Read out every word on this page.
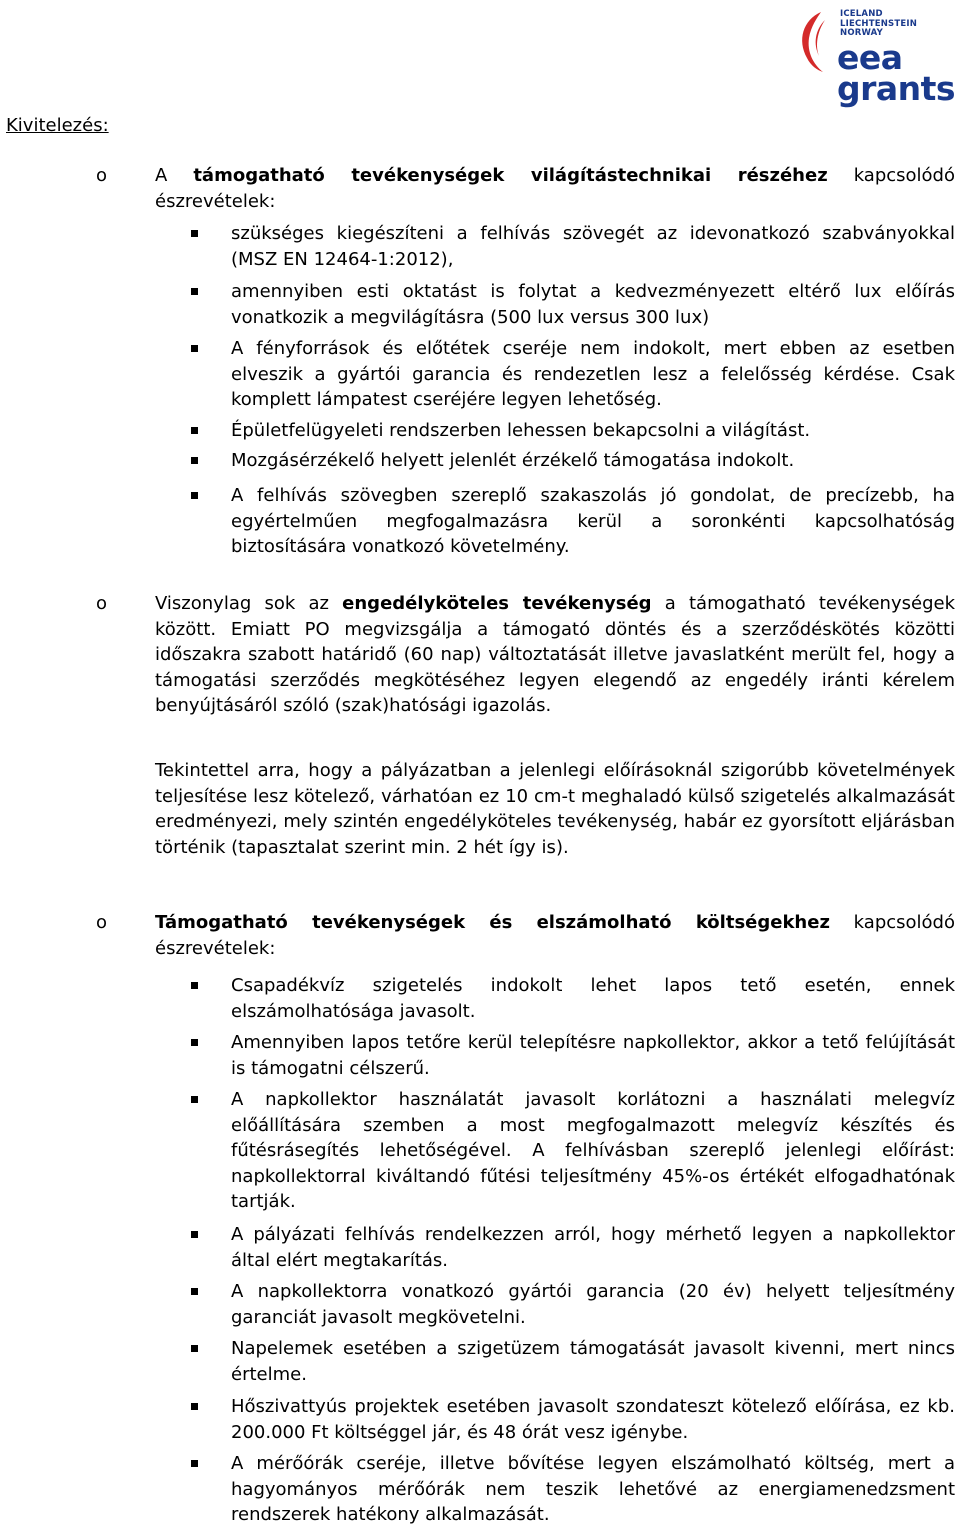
ICELAND
LIECHTENSTEIN
NORWAY
eea
grants
Kivitelezés:
o	A támogatható tevékenységek világítástechnikai részéhez kapcsolódó észrevételek:
szükséges kiegészíteni a felhívás szövegét az idevonatkozó szabványokkal (MSZ EN 12464-1:2012),
amennyiben esti oktatást is folytat a kedvezményezett eltérő lux előírás vonatkozik a megvilágításra (500 lux versus 300 lux)
A fényforrások és előtétek cseréje nem indokolt, mert ebben az esetben elveszik a gyártói garancia és rendezetlen lesz a felelősség kérdése. Csak komplett lámpatest cseréjére legyen lehetőség.
Épületfelügyeleti rendszerben lehessen bekapcsolni a világítást.
Mozgásérzékelő helyett jelenlét érzékelő támogatása indokolt.
A felhívás szövegben szereplő szakaszolás jó gondolat, de precízebb, ha egyértelműen megfogalmazásra kerül a soronkénti kapcsolhatóság biztosítására vonatkozó követelmény.
o	Viszonylag sok az engedélyköteles tevékenység a támogatható tevékenységek között. Emiatt PO megvizsgálja a támogató döntés és a szerződéskötés közötti időszakra szabott határidő (60 nap) változtatását illetve javaslatként merült fel, hogy a támogatási szerződés megkötéséhez legyen elegendő az engedély iránti kérelem benyújtásáról szóló (szak)hatósági igazolás.
Tekintettel arra, hogy a pályázatban a jelenlegi előírásoknál szigorúbb követelmények teljesítése lesz kötelező, várhatóan ez 10 cm-t meghaladó külső szigetelés alkalmazását eredményezi, mely szintén engedélyköteles tevékenység, habár ez gyorsított eljárásban történik (tapasztalat szerint min. 2 hét így is).
o	Támogatható tevékenységek és elszámolható költségekhez kapcsolódó észrevételek:
Csapadékvíz szigetelés indokolt lehet lapos tető esetén, ennek elszámolhatósága javasolt.
Amennyiben lapos tetőre kerül telepítésre napkollektor, akkor a tető felújítását is támogatni célszerű.
A napkollektor használatát javasolt korlátozni a használati melegvíz előállítására szemben a most megfogalmazott melegvíz készítés és fűtésrásegítés lehetőségével. A felhívásban szereplő jelenlegi előírást: napkollektorral kiváltandó fűtési teljesítmény 45%-os értékét elfogadhatónak tartják.
A pályázati felhívás rendelkezzen arról, hogy mérhető legyen a napkollektor által elért megtakarítás.
A napkollektorra vonatkozó gyártói garancia (20 év) helyett teljesítmény garanciát javasolt megkövetelni.
Napelemek esetében a szigetüzem támogatását javasolt kivenni, mert nincs értelme.
Hőszivattyús projektek esetében javasolt szondateszt kötelező előírása, ez kb. 200.000 Ft költséggel jár, és 48 órát vesz igénybe.
A mérőórák cseréje, illetve bővítése legyen elszámolható költség, mert a hagyományos mérőórák nem teszik lehetővé az energiamenedzsment rendszerek hatékony alkalmazását.
